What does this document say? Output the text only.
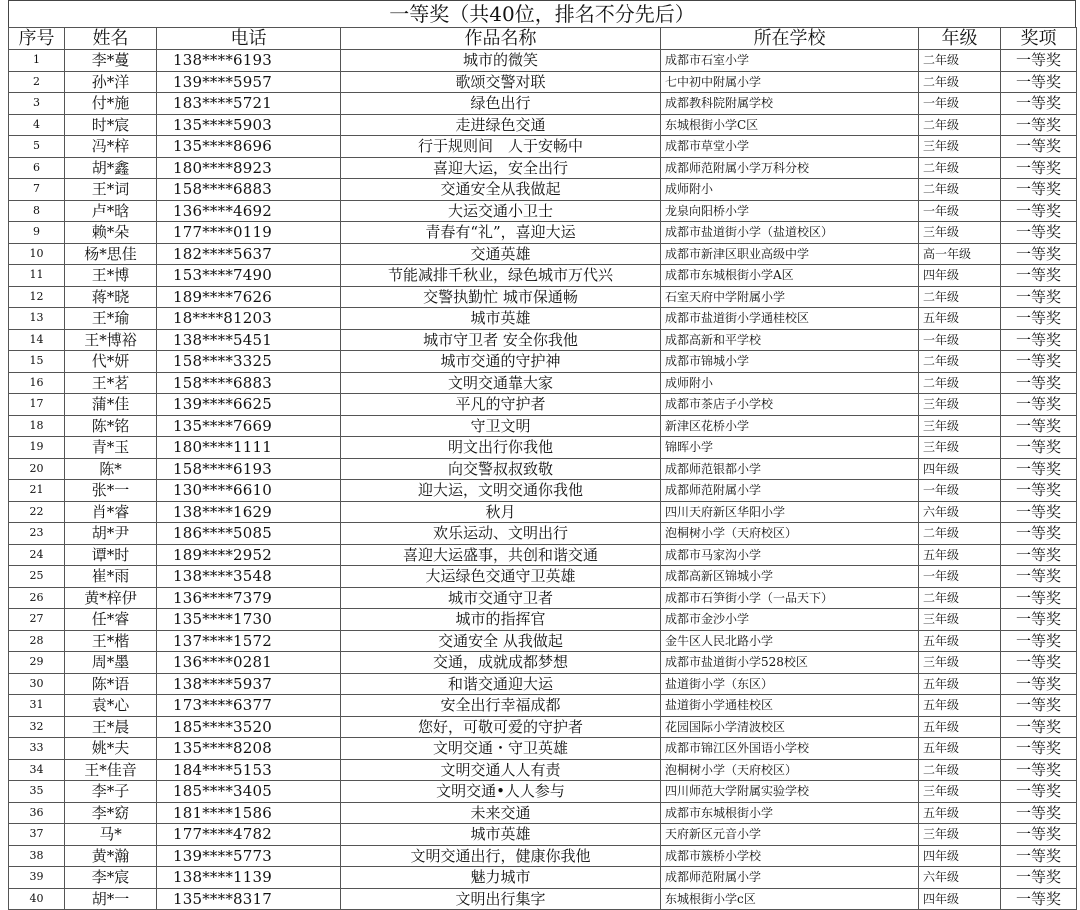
一等奖（共40位，排名不分先后）
序号	姓名	电话	作品名称	所在学校	年级	奖项
1	李*蔓	138****6193	城市的微笑	成都市石室小学	二年级	一等奖
2	孙*洋	139****5957	歌颂交警对联	七中初中附属小学	二年级	一等奖
3	付*施	183****5721	绿色出行	成都教科院附属学校	一年级	一等奖
4	时*宸	135****5903	走进绿色交通	东城根街小学C区	二年级	一等奖
5	冯*梓	135****8696	行于规则间　人于安畅中	成都市草堂小学	三年级	一等奖
6	胡*鑫	180****8923	喜迎大运，安全出行	成都师范附属小学万科分校	二年级	一等奖
7	王*词	158****6883	交通安全从我做起	成师附小	二年级	一等奖
8	卢*晗	136****4692	大运交通小卫士	龙泉向阳桥小学	一年级	一等奖
9	赖*朵	177****0119	青春有“礼”，喜迎大运	成都市盐道街小学（盐道校区）	三年级	一等奖
10	杨*思佳	182****5637	交通英雄	成都市新津区职业高级中学	高一年级	一等奖
11	王*博	153****7490	节能减排千秋业，绿色城市万代兴	成都市东城根街小学A区	四年级	一等奖
12	蒋*晓	189****7626	交警执勤忙 城市保通畅	石室天府中学附属小学	二年级	一等奖
13	王*瑜	18****81203	城市英雄	成都市盐道街小学通桂校区	五年级	一等奖
14	王*博裕	138****5451	城市守卫者 安全你我他	成都高新和平学校	一年级	一等奖
15	代*妍	158****3325	城市交通的守护神	成都市锦城小学	二年级	一等奖
16	王*茗	158****6883	文明交通靠大家	成师附小	二年级	一等奖
17	蒲*佳	139****6625	平凡的守护者	成都市茶店子小学校	三年级	一等奖
18	陈*铭	135****7669	守卫文明	新津区花桥小学	三年级	一等奖
19	青*玉	180****1111	明文出行你我他	锦晖小学	三年级	一等奖
20	陈*	158****6193	向交警叔叔致敬	成都师范银都小学	四年级	一等奖
21	张*一	130****6610	迎大运，文明交通你我他	成都师范附属小学	一年级	一等奖
22	肖*睿	138****1629	秋月	四川天府新区华阳小学	六年级	一等奖
23	胡*尹	186****5085	欢乐运动、文明出行	泡桐树小学（天府校区）	二年级	一等奖
24	谭*时	189****2952	喜迎大运盛事，共创和谐交通	成都市马家沟小学	五年级	一等奖
25	崔*雨	138****3548	大运绿色交通守卫英雄	成都高新区锦城小学	一年级	一等奖
26	黄*梓伊	136****7379	城市交通守卫者	成都市石笋街小学（一品天下）	二年级	一等奖
27	任*睿	135****1730	城市的指挥官	成都市金沙小学	三年级	一等奖
28	王*楷	137****1572	交通安全 从我做起	金牛区人民北路小学	五年级	一等奖
29	周*墨	136****0281	交通，成就成都梦想	成都市盐道街小学528校区	三年级	一等奖
30	陈*语	138****5937	和谐交通迎大运	盐道街小学（东区）	五年级	一等奖
31	袁*心	173****6377	安全出行幸福成都	盐道街小学通桂校区	五年级	一等奖
32	王*晨	185****3520	您好，可敬可爱的守护者	花园国际小学清波校区	五年级	一等奖
33	姚*夫	135****8208	文明交通・守卫英雄	成都市锦江区外国语小学校	五年级	一等奖
34	王*佳音	184****5153	文明交通人人有责	泡桐树小学（天府校区）	二年级	一等奖
35	李*子	185****3405	文明交通•人人参与	四川师范大学附属实验学校	三年级	一等奖
36	李*窈	181****1586	未来交通	成都市东城根街小学	五年级	一等奖
37	马*	177****4782	城市英雄	天府新区元音小学	三年级	一等奖
38	黄*瀚	139****5773	文明交通出行，健康你我他	成都市簇桥小学校	四年级	一等奖
39	李*宸	138****1139	魅力城市	成都师范附属小学	六年级	一等奖
40	胡*一	135****8317	文明出行集字	东城根街小学c区	四年级	一等奖
